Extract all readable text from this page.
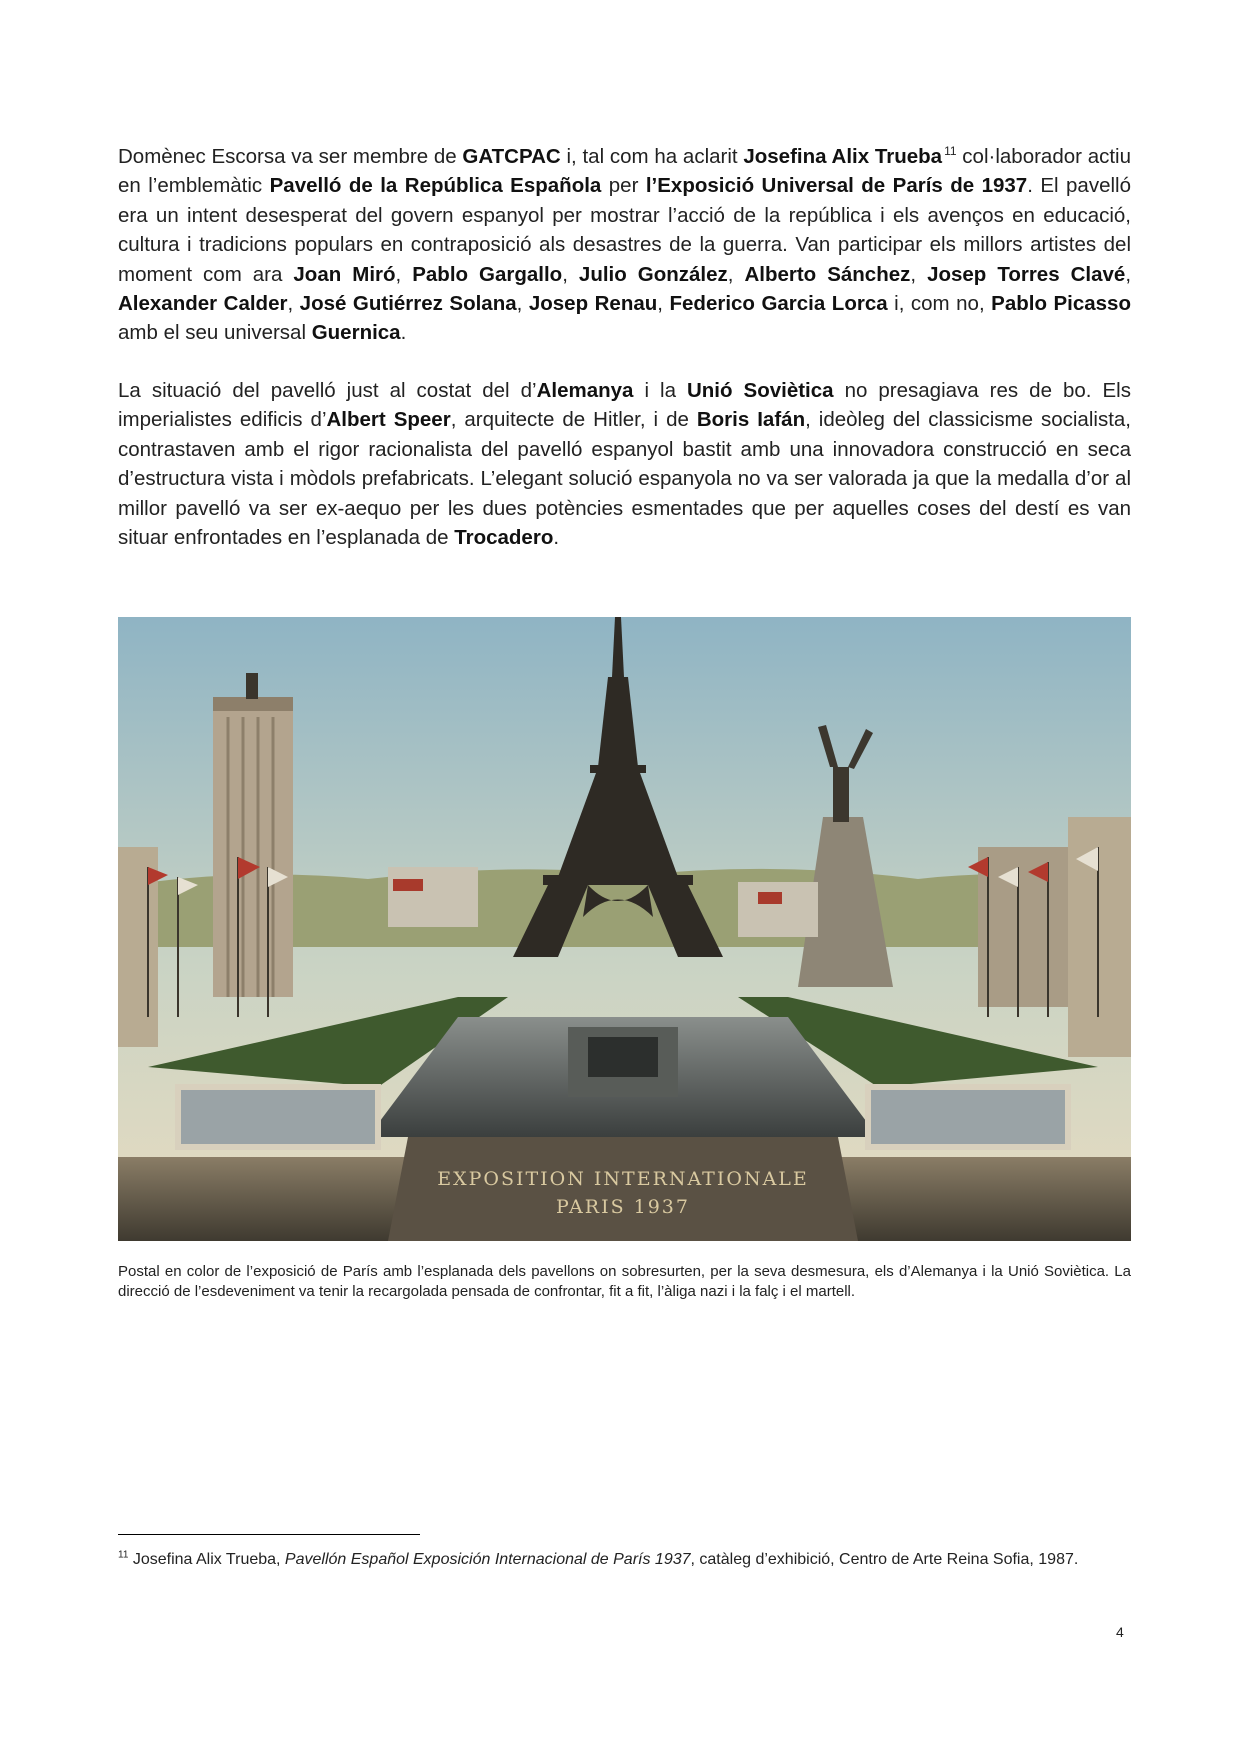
Domènec Escorsa va ser membre de GATCPAC i, tal com ha aclarit Josefina Alix Trueba $^{11}$ col·laborador actiu en l’emblemàtic Pavelló de la República Española per l’Exposició Universal de París de 1937. El pavelló era un intent desesperat del govern espanyol per mostrar l’acció de la república i els avenços en educació, cultura i tradicions populars en contraposició als desastres de la guerra. Van participar els millors artistes del moment com ara Joan Miró, Pablo Gargallo, Julio González, Alberto Sánchez, Josep Torres Clavé, Alexander Calder, José Gutiérrez Solana, Josep Renau, Federico Garcia Lorca i, com no, Pablo Picasso amb el seu universal Guernica.

La situació del pavelló just al costat del d’Alemanya i la Unió Soviètica no presagiava res de bo. Els imperialistes edificis d’Albert Speer, arquitecte de Hitler, i de Boris Iafán, ideòleg del classicisme socialista, contrastaven amb el rigor racionalista del pavelló espanyol bastit amb una innovadora construcció en seca d’estructura vista i mòdols prefabricats. L’elegant solució espanyola no va ser valorada ja que la medalla d’or al millor pavelló va ser ex-aequo per les dues potències esmentades que per aquelles coses del destí es van situar enfrontades en l’esplanada de Trocadero.

EXPOSITION INTERNATIONALE
PARIS 1937

Postal en color de l’exposició de París amb l’esplanada dels pavellons on sobresurten, per la seva desmesura, els d’Alemanya i la Unió Soviètica. La direcció de l’esdeveniment va tenir la recargolada pensada de confrontar, fit a fit, l’àliga nazi i la falç i el martell.

$^{11}$ Josefina Alix Trueba, Pavellón Español Exposición Internacional de París 1937, catàleg d’exhibició, Centro de Arte Reina Sofia, 1987.

4
